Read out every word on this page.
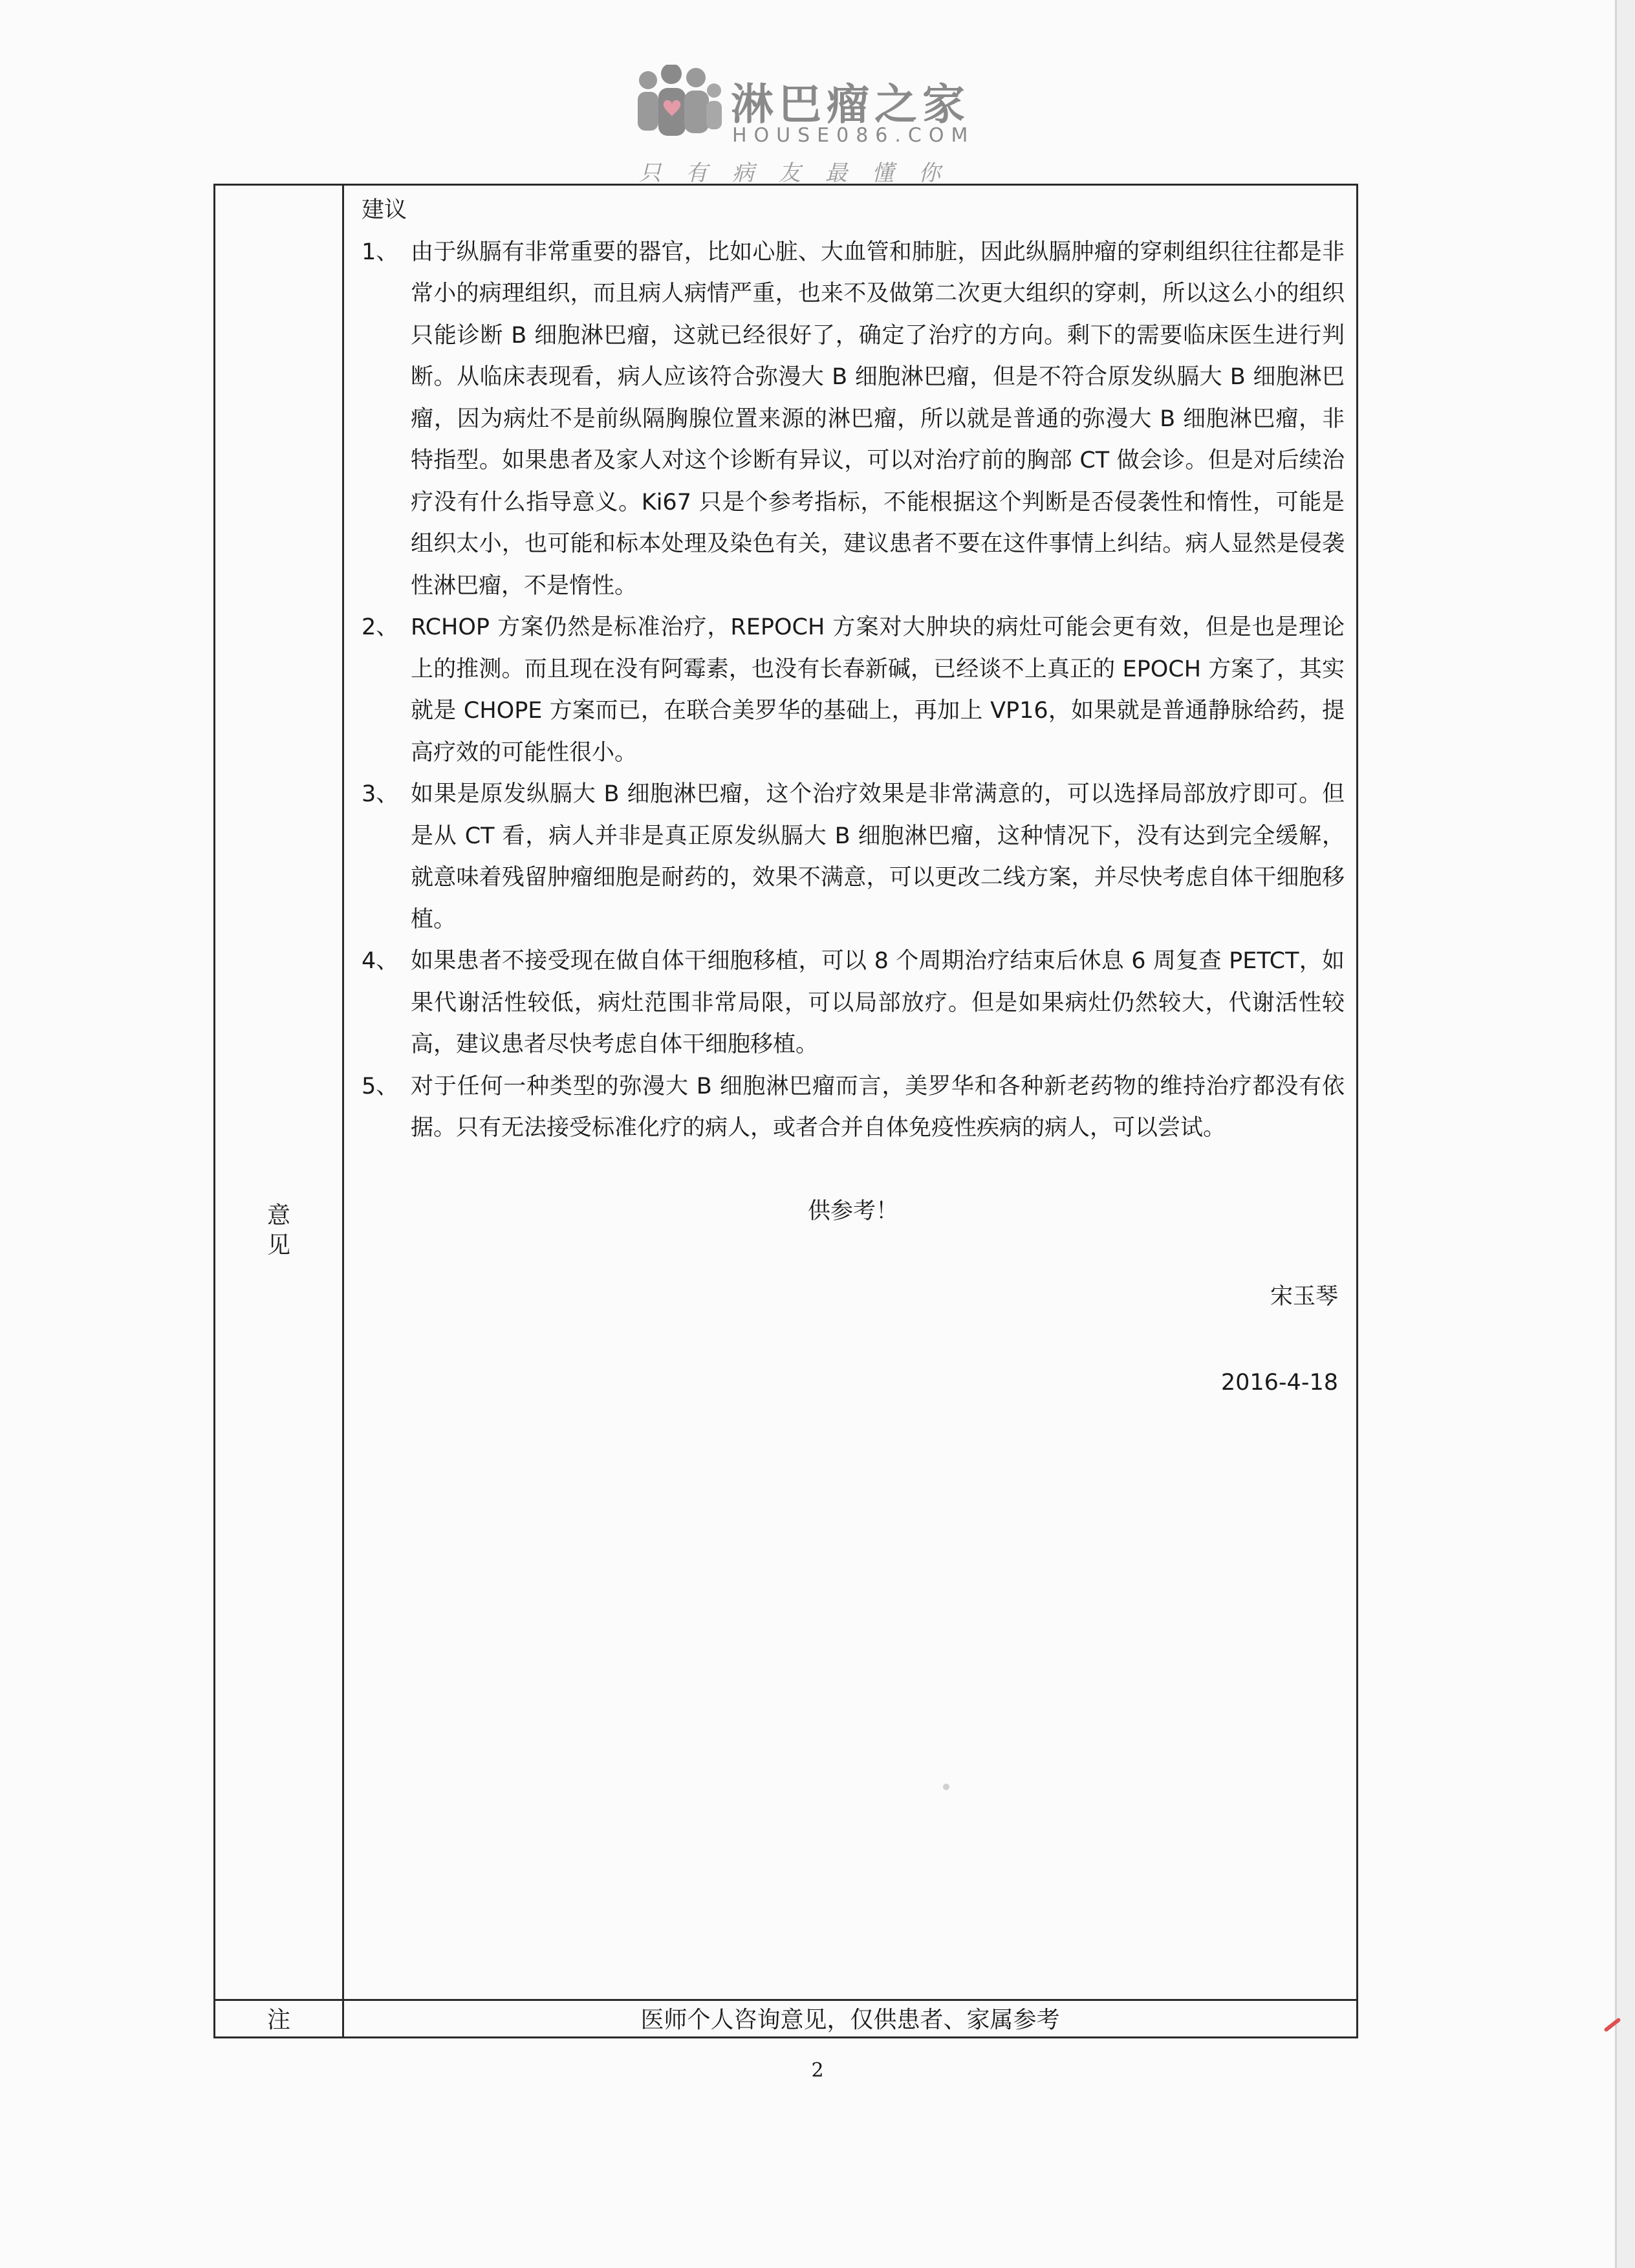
淋巴瘤之家
HOUSE086.COM
只有病友最懂你
意
见
注
建议
1、 由于纵膈有非常重要的器官，比如心脏、大血管和肺脏，因此纵膈肿瘤的穿刺组织往往都是非常小的病理组织，而且病人病情严重，也来不及做第二次更大组织的穿刺，所以这么小的组织只能诊断 B 细胞淋巴瘤，这就已经很好了，确定了治疗的方向。剩下的需要临床医生进行判断。从临床表现看，病人应该符合弥漫大 B 细胞淋巴瘤，但是不符合原发纵膈大 B 细胞淋巴瘤，因为病灶不是前纵隔胸腺位置来源的淋巴瘤，所以就是普通的弥漫大 B 细胞淋巴瘤，非特指型。如果患者及家人对这个诊断有异议，可以对治疗前的胸部 CT 做会诊。但是对后续治疗没有什么指导意义。Ki67 只是个参考指标，不能根据这个判断是否侵袭性和惰性，可能是组织太小，也可能和标本处理及染色有关，建议患者不要在这件事情上纠结。病人显然是侵袭性淋巴瘤，不是惰性。
2、 RCHOP 方案仍然是标准治疗，REPOCH 方案对大肿块的病灶可能会更有效，但是也是理论上的推测。而且现在没有阿霉素，也没有长春新碱，已经谈不上真正的 EPOCH 方案了，其实就是 CHOPE 方案而已，在联合美罗华的基础上，再加上 VP16，如果就是普通静脉给药，提高疗效的可能性很小。
3、 如果是原发纵膈大 B 细胞淋巴瘤，这个治疗效果是非常满意的，可以选择局部放疗即可。但是从 CT 看，病人并非是真正原发纵膈大 B 细胞淋巴瘤，这种情况下，没有达到完全缓解，就意味着残留肿瘤细胞是耐药的，效果不满意，可以更改二线方案，并尽快考虑自体干细胞移植。
4、 如果患者不接受现在做自体干细胞移植，可以 8 个周期治疗结束后休息 6 周复查 PETCT，如果代谢活性较低，病灶范围非常局限，可以局部放疗。但是如果病灶仍然较大，代谢活性较高，建议患者尽快考虑自体干细胞移植。
5、 对于任何一种类型的弥漫大 B 细胞淋巴瘤而言，美罗华和各种新老药物的维持治疗都没有依据。只有无法接受标准化疗的病人，或者合并自体免疫性疾病的病人，可以尝试。
供参考！
宋玉琴
2016-4-18
医师个人咨询意见，仅供患者、家属参考
2
